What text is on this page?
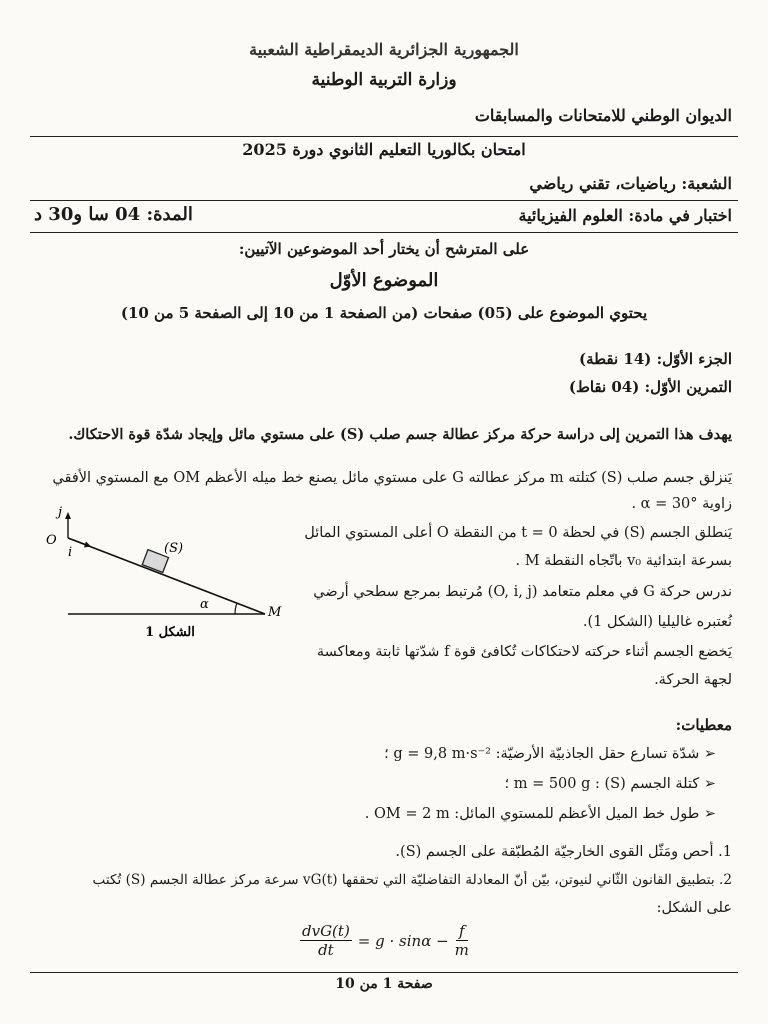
الجمهورية الجزائرية الديمقراطية الشعبية
وزارة التربية الوطنية
الديوان الوطني للامتحانات والمسابقات
امتحان بكالوريا التعليم الثانوي دورة 2025
الشعبة: رياضيات، تقني رياضي
اختبار في مادة: العلوم الفيزيائية
المدة: 04 سا و30 د
على المترشح أن يختار أحد الموضوعين الآتيين:
الموضوع الأوّل
يحتوي الموضوع على (05) صفحات (من الصفحة 1 من 10 إلى الصفحة 5 من 10)
الجزء الأوّل: (14 نقطة)
التمرين الأوّل: (04 نقاط)
يهدف هذا التمرين إلى دراسة حركة مركز عطالة جسم صلب (S) على مستوي مائل وإيجاد شدّة قوة الاحتكاك.
يَنزلق جسم صلب (S) كتلته m مركز عطالته G على مستوي مائل يصنع خط ميله الأعظم OM مع المستوي الأفقي
زاوية α = 30° .
يَنطلق الجسم (S) في لحظة t = 0 من النقطة O أعلى المستوي المائل
بسرعة ابتدائية v₀ باتّجاه النقطة M .
ندرس حركة G في معلم متعامد (O, i, j) مُرتبط بمرجع سطحي أرضي
نُعتبره غاليليا (الشكل 1).
يَخضع الجسم أثناء حركته لاحتكاكات تُكافئ قوة f شدّتها ثابتة ومعاكسة
لجهة الحركة.
j
O
i	(S)
α
M
الشكل 1
معطيات:
➢ شدّة تسارع حقل الجاذبيّة الأرضيّة: g = 9,8 m·s⁻² ؛
➢ كتلة الجسم (S) : m = 500 g ؛
➢ طول خط الميل الأعظم للمستوي المائل: OM = 2 m .
1. أحص ومَثّل القوى الخارجيّة المُطبّقة على الجسم (S).
2. بتطبيق القانون الثّاني لنيوتن، بيّن أنّ المعادلة التفاضليّة التي تحققها vG(t) سرعة مركز عطالة الجسم (S) تُكتب
على الشكل:
dvG(t)
dt
= $g \cdot \sin\alpha - \frac{f}{m}$
صفحة 1 من 10
